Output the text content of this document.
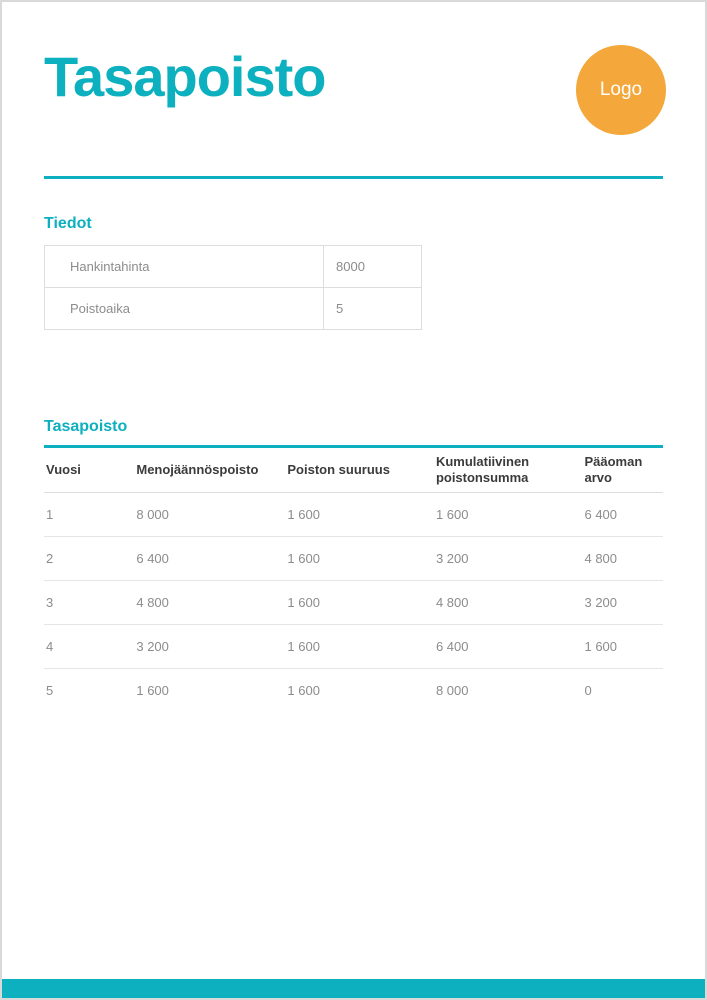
Tasapoisto	Logo
Tiedot
Hankintahinta	8000
Poistoaika	5
Tasapoisto
Vuosi	Menojäännöspoisto	Poiston suuruus	Kumulatiivinen poistonsumma	Pääoman arvo
1	8 000	1 600	1 600	6 400
2	6 400	1 600	3 200	4 800
3	4 800	1 600	4 800	3 200
4	3 200	1 600	6 400	1 600
5	1 600	1 600	8 000	0
